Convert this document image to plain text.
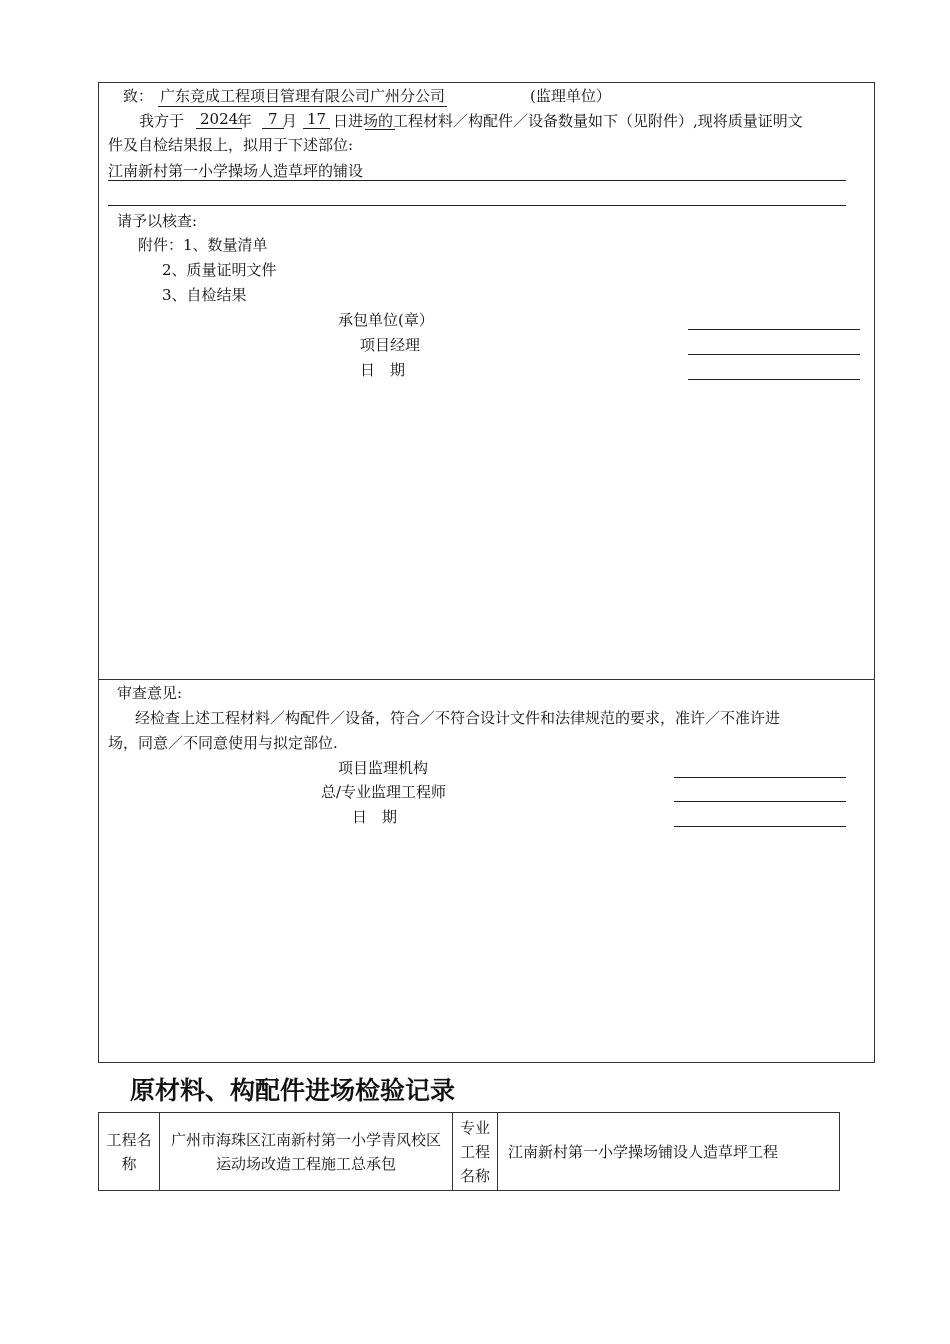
致： 广东竞成工程项目管理有限公司广州分公司	(监理单位）
我方于 2024
年	7 月 17 日进场的工程材料／构配件／设备数量如下（见附件）,现将质量证明文
件及自检结果报上，拟用于下述部位:
江南新村第一小学操场人造草坪的铺设
请予以核查:
附件：1、数量清单
2、质量证明文件
3、自检结果
承包单位(章）
项目经理
日　期
审查意见:
经检查上述工程材料／构配件／设备，符合／不符合设计文件和法律规范的要求，准许／不准许进
场，同意／不同意使用与拟定部位.
项目监理机构
总/专业监理工程师
日　期
原材料、构配件进场检验记录
工程名称	广州市海珠区江南新村第一小学青风校区运动场改造工程施工总承包	专业工程名称	江南新村第一小学操场铺设人造草坪工程
